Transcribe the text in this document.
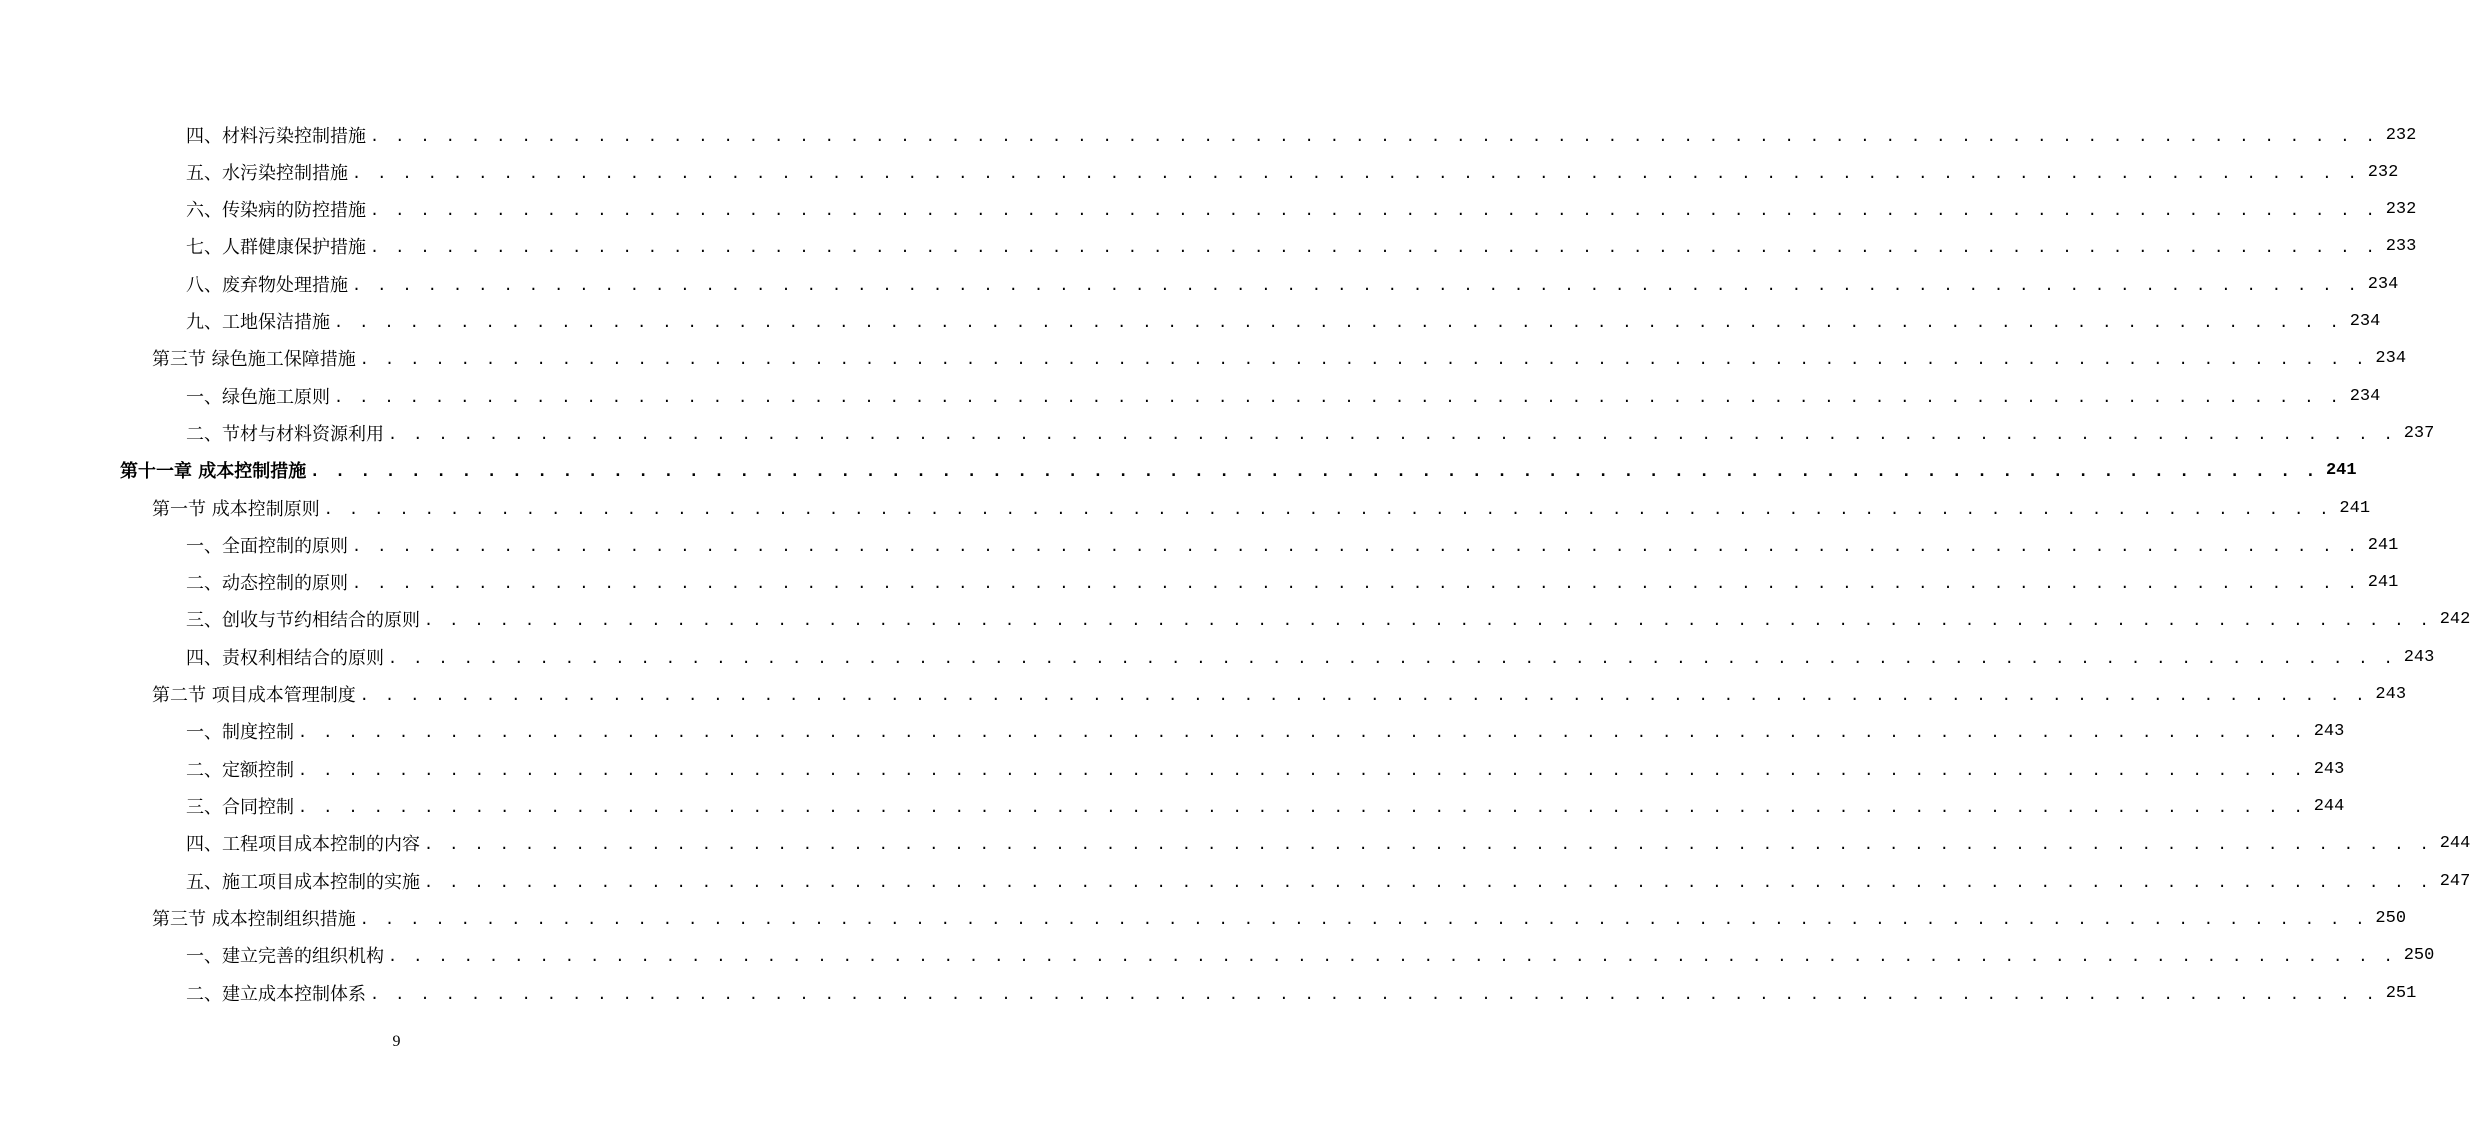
四、材料污染控制措施 . . . . . . . . . . . . . . . . . . . . . . . . . . . . . . . . . . . . . . . . . . . . . . . . . . . . . . . . . . . . . . . . . . . . . . . . . . . . . . . . 232
五、水污染控制措施 . . . . . . . . . . . . . . . . . . . . . . . . . . . . . . . . . . . . . . . . . . . . . . . . . . . . . . . . . . . . . . . . . . . . . . . . . . . . . . . . 232
六、传染病的防控措施 . . . . . . . . . . . . . . . . . . . . . . . . . . . . . . . . . . . . . . . . . . . . . . . . . . . . . . . . . . . . . . . . . . . . . . . . . . . . . . . . 232
七、人群健康保护措施 . . . . . . . . . . . . . . . . . . . . . . . . . . . . . . . . . . . . . . . . . . . . . . . . . . . . . . . . . . . . . . . . . . . . . . . . . . . . . . . . 233
八、废弃物处理措施 . . . . . . . . . . . . . . . . . . . . . . . . . . . . . . . . . . . . . . . . . . . . . . . . . . . . . . . . . . . . . . . . . . . . . . . . . . . . . . . . 234
九、工地保洁措施 . . . . . . . . . . . . . . . . . . . . . . . . . . . . . . . . . . . . . . . . . . . . . . . . . . . . . . . . . . . . . . . . . . . . . . . . . . . . . . . . 234
第三节 绿色施工保障措施 . . . . . . . . . . . . . . . . . . . . . . . . . . . . . . . . . . . . . . . . . . . . . . . . . . . . . . . . . . . . . . . . . . . . . . . . . . . . . . . . 234
一、绿色施工原则 . . . . . . . . . . . . . . . . . . . . . . . . . . . . . . . . . . . . . . . . . . . . . . . . . . . . . . . . . . . . . . . . . . . . . . . . . . . . . . . . 234
二、节材与材料资源利用 . . . . . . . . . . . . . . . . . . . . . . . . . . . . . . . . . . . . . . . . . . . . . . . . . . . . . . . . . . . . . . . . . . . . . . . . . . . . . . . . 237
第十一章 成本控制措施 . . . . . . . . . . . . . . . . . . . . . . . . . . . . . . . . . . . . . . . . . . . . . . . . . . . . . . . . . . . . . . . . . . . . . . . . . . . . . . . . 241
第一节 成本控制原则 . . . . . . . . . . . . . . . . . . . . . . . . . . . . . . . . . . . . . . . . . . . . . . . . . . . . . . . . . . . . . . . . . . . . . . . . . . . . . . . . 241
一、全面控制的原则 . . . . . . . . . . . . . . . . . . . . . . . . . . . . . . . . . . . . . . . . . . . . . . . . . . . . . . . . . . . . . . . . . . . . . . . . . . . . . . . . 241
二、动态控制的原则 . . . . . . . . . . . . . . . . . . . . . . . . . . . . . . . . . . . . . . . . . . . . . . . . . . . . . . . . . . . . . . . . . . . . . . . . . . . . . . . . 241
三、创收与节约相结合的原则 . . . . . . . . . . . . . . . . . . . . . . . . . . . . . . . . . . . . . . . . . . . . . . . . . . . . . . . . . . . . . . . . . . . . . . . . . . . . . . . . 242
四、责权利相结合的原则 . . . . . . . . . . . . . . . . . . . . . . . . . . . . . . . . . . . . . . . . . . . . . . . . . . . . . . . . . . . . . . . . . . . . . . . . . . . . . . . . 243
第二节 项目成本管理制度 . . . . . . . . . . . . . . . . . . . . . . . . . . . . . . . . . . . . . . . . . . . . . . . . . . . . . . . . . . . . . . . . . . . . . . . . . . . . . . . . 243
一、制度控制 . . . . . . . . . . . . . . . . . . . . . . . . . . . . . . . . . . . . . . . . . . . . . . . . . . . . . . . . . . . . . . . . . . . . . . . . . . . . . . . . 243
二、定额控制 . . . . . . . . . . . . . . . . . . . . . . . . . . . . . . . . . . . . . . . . . . . . . . . . . . . . . . . . . . . . . . . . . . . . . . . . . . . . . . . . 243
三、合同控制 . . . . . . . . . . . . . . . . . . . . . . . . . . . . . . . . . . . . . . . . . . . . . . . . . . . . . . . . . . . . . . . . . . . . . . . . . . . . . . . . 244
四、工程项目成本控制的内容 . . . . . . . . . . . . . . . . . . . . . . . . . . . . . . . . . . . . . . . . . . . . . . . . . . . . . . . . . . . . . . . . . . . . . . . . . . . . . . . . 244
五、施工项目成本控制的实施 . . . . . . . . . . . . . . . . . . . . . . . . . . . . . . . . . . . . . . . . . . . . . . . . . . . . . . . . . . . . . . . . . . . . . . . . . . . . . . . . 247
第三节 成本控制组织措施 . . . . . . . . . . . . . . . . . . . . . . . . . . . . . . . . . . . . . . . . . . . . . . . . . . . . . . . . . . . . . . . . . . . . . . . . . . . . . . . . 250
一、建立完善的组织机构 . . . . . . . . . . . . . . . . . . . . . . . . . . . . . . . . . . . . . . . . . . . . . . . . . . . . . . . . . . . . . . . . . . . . . . . . . . . . . . . . 250
二、建立成本控制体系 . . . . . . . . . . . . . . . . . . . . . . . . . . . . . . . . . . . . . . . . . . . . . . . . . . . . . . . . . . . . . . . . . . . . . . . . . . . . . . . . 251
9
